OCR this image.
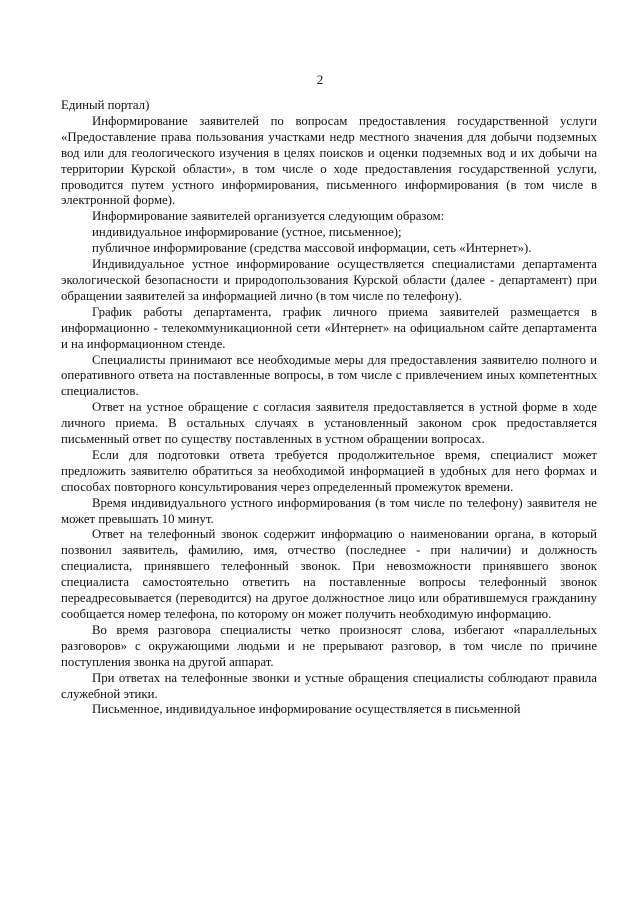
2

Единый портал)

Информирование заявителей по вопросам предоставления государственной услуги «Предоставление права пользования участками недр местного значения для добычи подземных вод или для геологического изучения в целях поисков и оценки подземных вод и их добычи на территории Курской области», в том числе о ходе предоставления государственной услуги, проводится путем устного информирования, письменного информирования (в том числе в электронной форме).

Информирование заявителей организуется следующим образом:

индивидуальное информирование (устное, письменное);

публичное информирование (средства массовой информации, сеть «Интернет»).

Индивидуальное устное информирование осуществляется специалистами департамента экологической безопасности и природопользования Курской области (далее - департамент) при обращении заявителей за информацией лично (в том числе по телефону).

График работы департамента, график личного приема заявителей размещается в информационно - телекоммуникационной сети «Интернет» на официальном сайте департамента и на информационном стенде.

Специалисты принимают все необходимые меры для предоставления заявителю полного и оперативного ответа на поставленные вопросы, в том числе с привлечением иных компетентных специалистов.

Ответ на устное обращение с согласия заявителя предоставляется в устной форме в ходе личного приема. В остальных случаях в установленный законом срок предоставляется письменный ответ по существу поставленных в устном обращении вопросах.

Если для подготовки ответа требуется продолжительное время, специалист может предложить заявителю обратиться за необходимой информацией в удобных для него формах и способах повторного консультирования через определенный промежуток времени.

Время индивидуального устного информирования (в том числе по телефону) заявителя не может превышать 10 минут.

Ответ на телефонный звонок содержит информацию о наименовании органа, в который позвонил заявитель, фамилию, имя, отчество (последнее - при наличии) и должность специалиста, принявшего телефонный звонок. При невозможности принявшего звонок специалиста самостоятельно ответить на поставленные вопросы телефонный звонок переадресовывается (переводится) на другое должностное лицо или обратившемуся гражданину сообщается номер телефона, по которому он может получить необходимую информацию.

Во время разговора специалисты четко произносят слова, избегают «параллельных разговоров» с окружающими людьми и не прерывают разговор, в том числе по причине поступления звонка на другой аппарат.

При ответах на телефонные звонки и устные обращения специалисты соблюдают правила служебной этики.

Письменное, индивидуальное информирование осуществляется в письменной
